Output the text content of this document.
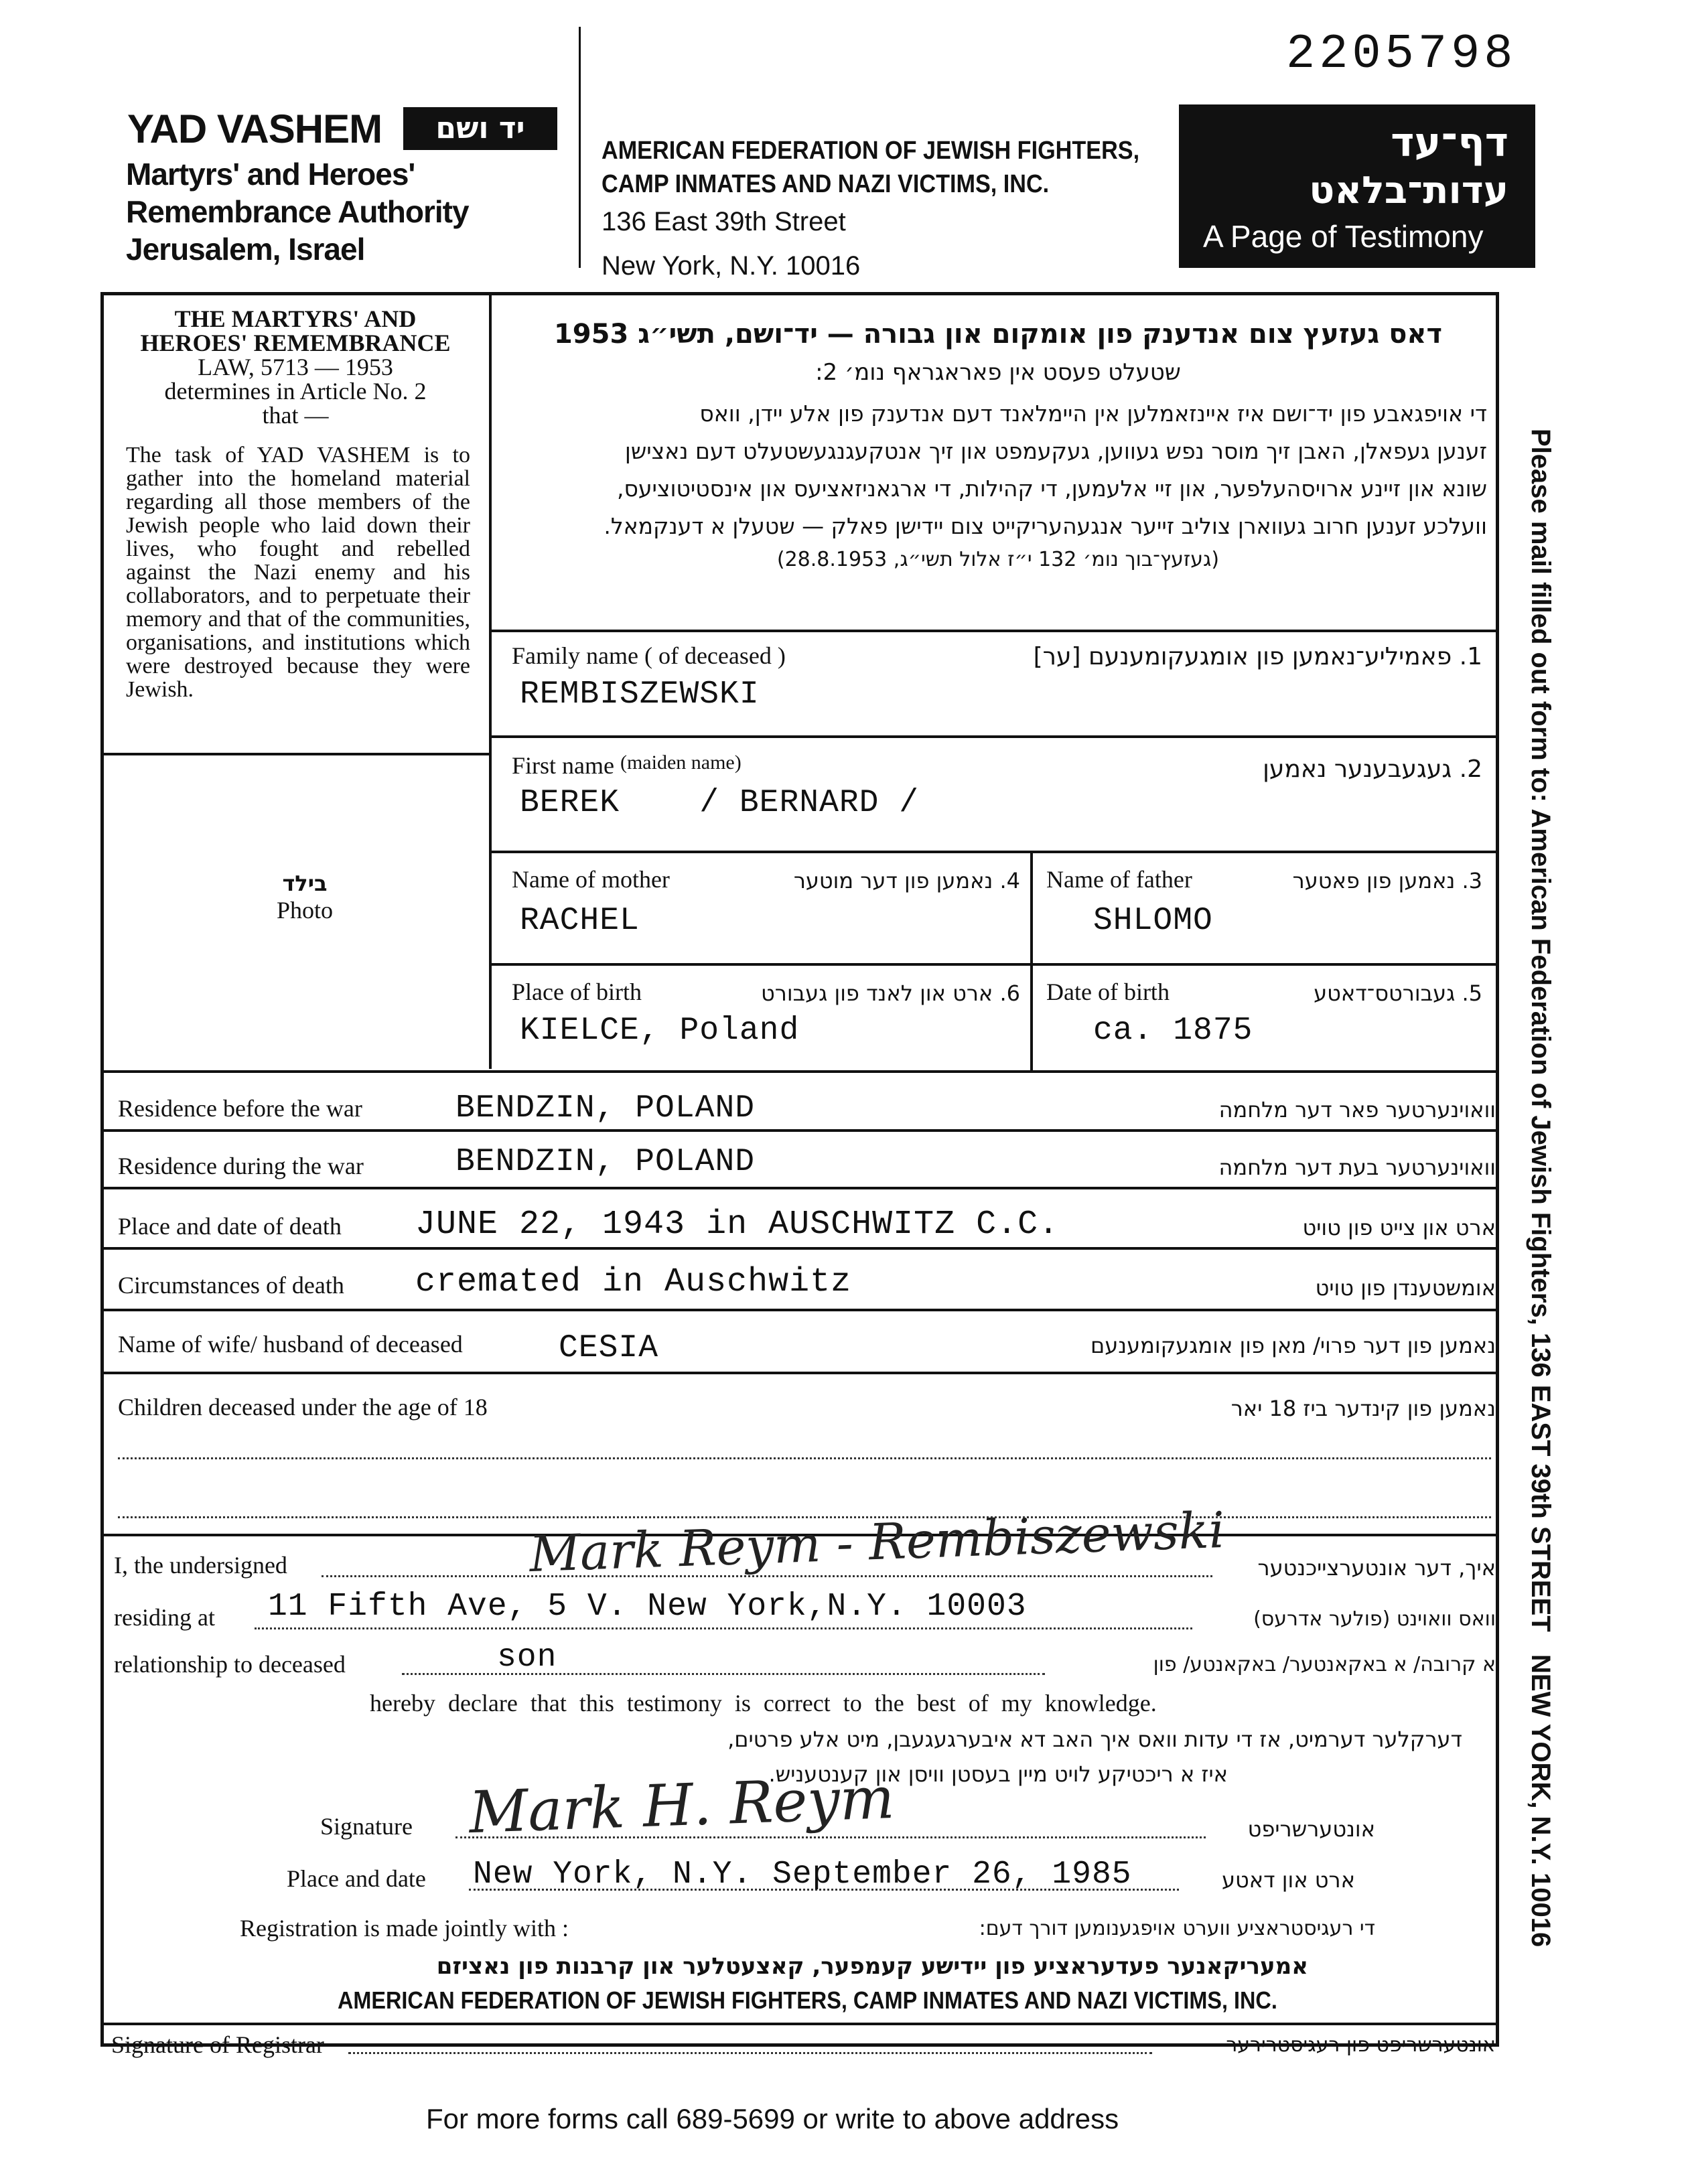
2205798
YAD VASHEM	יד ושם
Martyrs' and Heroes'
Remembrance Authority
Jerusalem, Israel
AMERICAN FEDERATION OF JEWISH FIGHTERS,
CAMP INMATES AND NAZI VICTIMS, INC.
136 East 39th Street
New York, N.Y. 10016
דף־עד
עדות־בלאט
A Page of Testimony
THE MARTYRS' AND
HEROES' REMEMBRANCE
LAW, 5713 — 1953
determines in Article No. 2
that —
The task of YAD VASHEM is to gather into the homeland material regarding all those members of the Jewish people who laid down their lives, who fought and rebelled against the Nazi enemy and his collaborators, and to perpetuate their memory and that of the communities, organisations, and institutions which were destroyed because they were Jewish.
בילד
Photo
דאס געזעץ צום אנדענק פון אומקום און גבורה — יד־ושם, תשי״ג 1953
שטעלט פעסט אין פאראגראף נומ׳ 2:
די אויפגאבע פון יד־ושם איז איינזאמלען אין היימלאנד דעם אנדענק פון אלע יידן, וואס
זענען געפאלן, האבן זיך מוסר נפש געווען, געקעמפט און זיך אנטקעגנגעשטעלט דעם נאצישן
שונא און זיינע ארויסהעלפער, און זיי אלעמען, די קהילות, די ארגאניזאציעס און אינסטיטוציעס,
וועלכע זענען חרוב געווארן צוליב זייער אנגעהעריקייט צום יידישן פאלק — שטעלן א דענקמאל.
(געזעץ־בוך נומ׳ 132 י״ז אלול תשי״ג, 28.8.1953)
Family name ( of deceased )	1. פאמיליע־נאמען פון אומגעקומענעם [ער]
REMBISZEWSKI
First name $^{(maiden name)}$	2. געגעבענער נאמען
BEREK    / BERNARD /
Name of mother	4. נאמען פון דער מוטער
RACHEL
Name of father	3. נאמען פון פאטער
SHLOMO
Place of birth	6. ארט און לאנד פון געבורט
KIELCE, Poland
Date of birth	5. געבורטס־דאטע
ca. 1875
Residence before the war	BENDZIN, POLAND	וואוינערטער פאר דער מלחמה
Residence during the war	BENDZIN, POLAND	וואוינערטער בעת דער מלחמה
Place and date of death JUNE 22, 1943 in AUSCHWITZ C.C.	ארט און צייט פון טויט
Circumstances of death cremated in Auschwitz	אומשטענדן פון טויט
Name of wife/ husband of deceased	CESIA	נאמען פון דער פרוי/ מאן פון אומגעקומענעם
Children deceased under the age of 18	נאמען פון קינדער ביז 18 יאר
I, the undersigned	Mark Reym - Rembiszewski איך, דער אונטערצייכנטער
residing at 11 Fifth Ave, 5 V. New York,N.Y. 10003	וואס וואוינט (פולער אדרעס)
relationship to deceased	son	א קרובה/ א באקאנטער/ באקאנטע/ פון
hereby declare that this testimony is correct to the best of my knowledge.
דערקלער דערמיט, אז די עדות וואס איך האב דא איבערגעגעבן, מיט אלע פרטים,
איז א ריכטיקע לויט מיין בעסטן וויסן און קענטעניש.
Signature Mark H. Reym	אונטערשריפט
Place and date New York, N.Y. September 26, 1985	ארט און דאטע
Registration is made jointly with :	די רעגיסטראציע ווערט אויפגענומען דורך דעם:
אמעריקאנער פעדעראציע פון יידישע קעמפער, קאצעטלער און קרבנות פון נאציזם
AMERICAN FEDERATION OF JEWISH FIGHTERS, CAMP INMATES AND NAZI VICTIMS, INC.
Signature of Registrar	אונטערשריפט פון רעגיסטרירער
For more forms call 689-5699 or write to above address
Please mail filled out form to: American Federation of Jewish Fighters, 136 EAST 39th STREET   NEW YORK, N.Y. 10016
